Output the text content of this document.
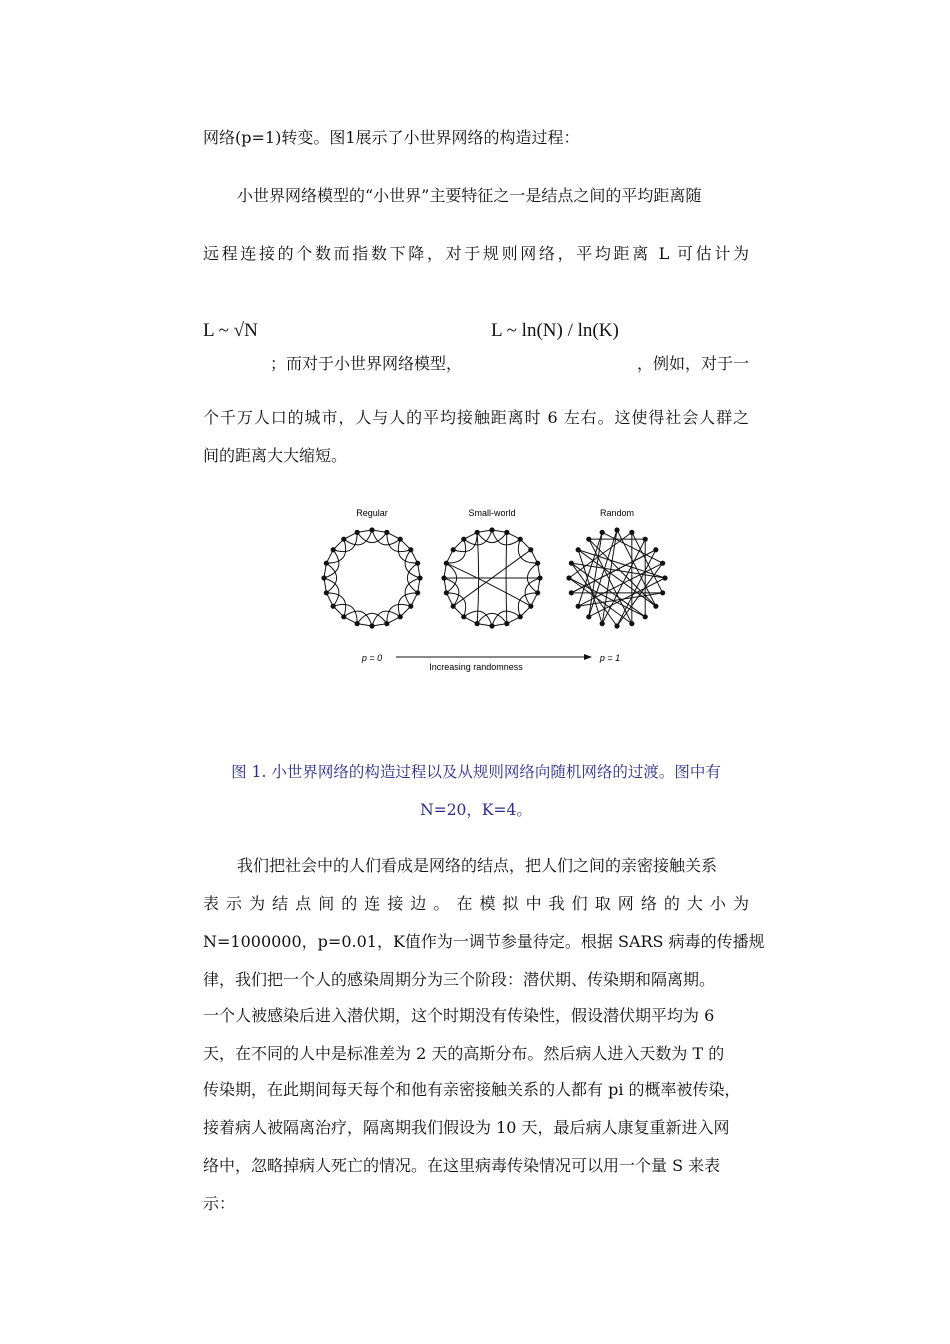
网络(p=1)转变。图1展示了小世界网络的构造过程：
小世界网络模型的“小世界”主要特征之一是结点之间的平均距离随
远程连接的个数而指数下降，对于规则网络，平均距离 L 可估计为
L ~ √N	L ~ ln(N) / ln(K)
；而对于小世界网络模型，	，例如，对于一
个千万人口的城市，人与人的平均接触距离时 6 左右。这使得社会人群之
间的距离大大缩短。
Regular	Small-world	Random
p = 0	p = 1
Increasing randomness
图 1. 小世界网络的构造过程以及从规则网络向随机网络的过渡。图中有
N=20，K=4。
我们把社会中的人们看成是网络的结点，把人们之间的亲密接触关系
表示为结点间的连接边。在模拟中我们取网络的大小为
N=1000000，p=0.01，K值作为一调节参量待定。根据 SARS 病毒的传播规
律，我们把一个人的感染周期分为三个阶段：潜伏期、传染期和隔离期。
一个人被感染后进入潜伏期，这个时期没有传染性，假设潜伏期平均为 6
天，在不同的人中是标准差为 2 天的高斯分布。然后病人进入天数为 T 的
传染期，在此期间每天每个和他有亲密接触关系的人都有 pi 的概率被传染，
接着病人被隔离治疗，隔离期我们假设为 10 天，最后病人康复重新进入网
络中，忽略掉病人死亡的情况。在这里病毒传染情况可以用一个量 S 来表
示：
